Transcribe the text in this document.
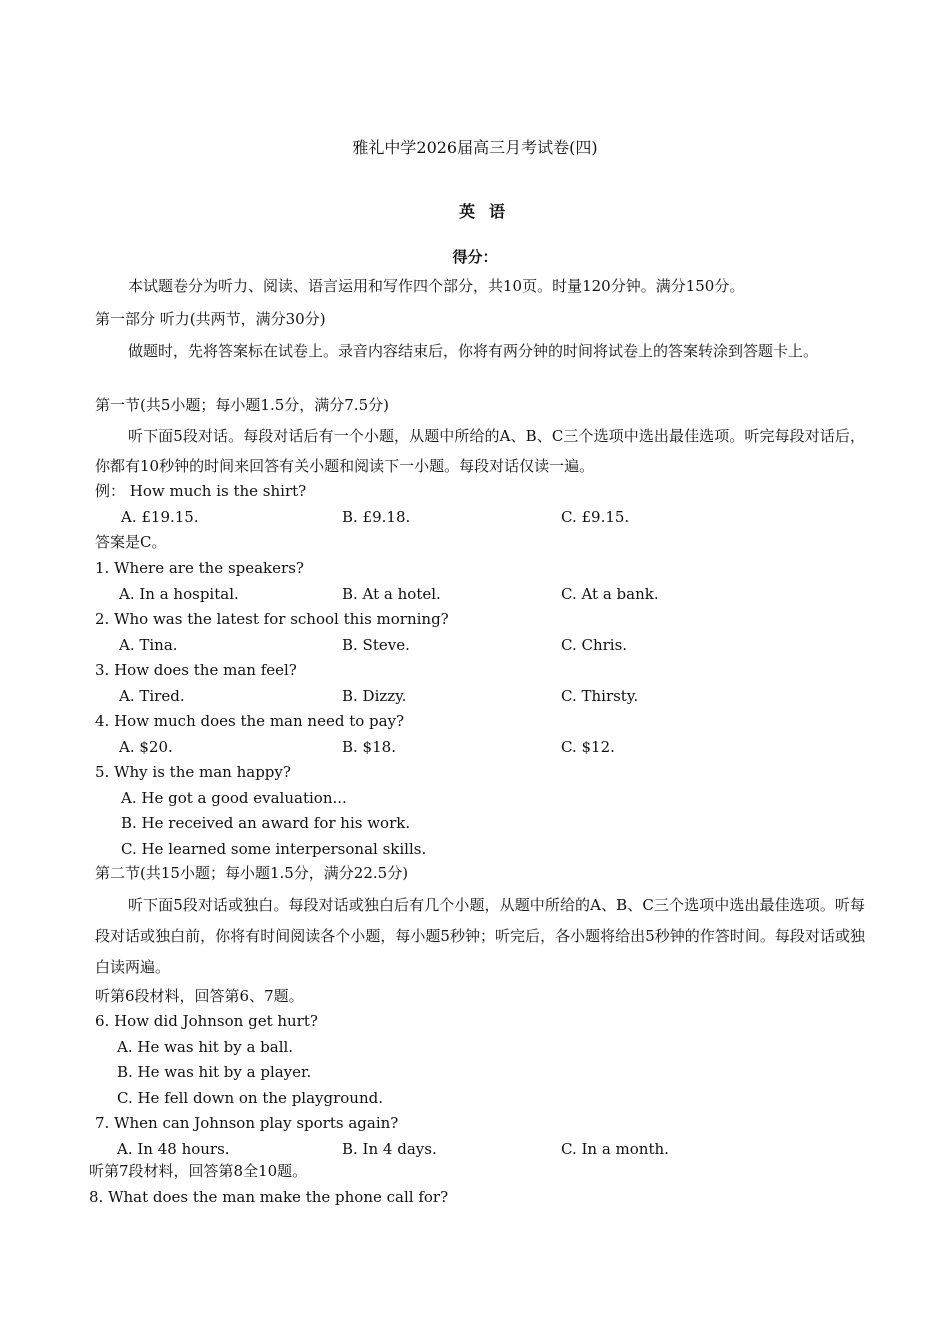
雅礼中学2026届高三月考试卷(四)
英语
得分：
本试题卷分为听力、阅读、语言运用和写作四个部分，共10页。时量120分钟。满分150分。
第一部分 听力(共两节，满分30分)
做题时，先将答案标在试卷上。录音内容结束后，你将有两分钟的时间将试卷上的答案转涂到答题卡上。
第一节(共5小题；每小题1.5分，满分7.5分)
听下面5段对话。每段对话后有一个小题，从题中所给的A、B、C三个选项中选出最佳选项。听完每段对话后，你都有10秒钟的时间来回答有关小题和阅读下一小题。每段对话仅读一遍。
例： How much is the shirt?
A. £19.15.	B. £9.18.	C. £9.15.
答案是C。
1. Where are the speakers?
A. In a hospital.	B. At a hotel.	C. At a bank.
2. Who was the latest for school this morning?
A. Tina.	B. Steve.	C. Chris.
3. How does the man feel?
A. Tired.	B. Dizzy.	C. Thirsty.
4. How much does the man need to pay?
A. $20.	B. $18.	C. $12.
5. Why is the man happy?
A. He got a good evaluation...
B. He received an award for his work.
C. He learned some interpersonal skills.
第二节(共15小题；每小题1.5分，满分22.5分)
听下面5段对话或独白。每段对话或独白后有几个小题，从题中所给的A、B、C三个选项中选出最佳选项。听每段对话或独白前，你将有时间阅读各个小题，每小题5秒钟；听完后，各小题将给出5秒钟的作答时间。每段对话或独白读两遍。
听第6段材料，回答第6、7题。
6. How did Johnson get hurt?
A. He was hit by a ball.
B. He was hit by a player.
C. He fell down on the playground.
7. When can Johnson play sports again?
A. In 48 hours.	B. In 4 days.	C. In a month.
听第7段材料，回答第8全10题。
8. What does the man make the phone call for?
